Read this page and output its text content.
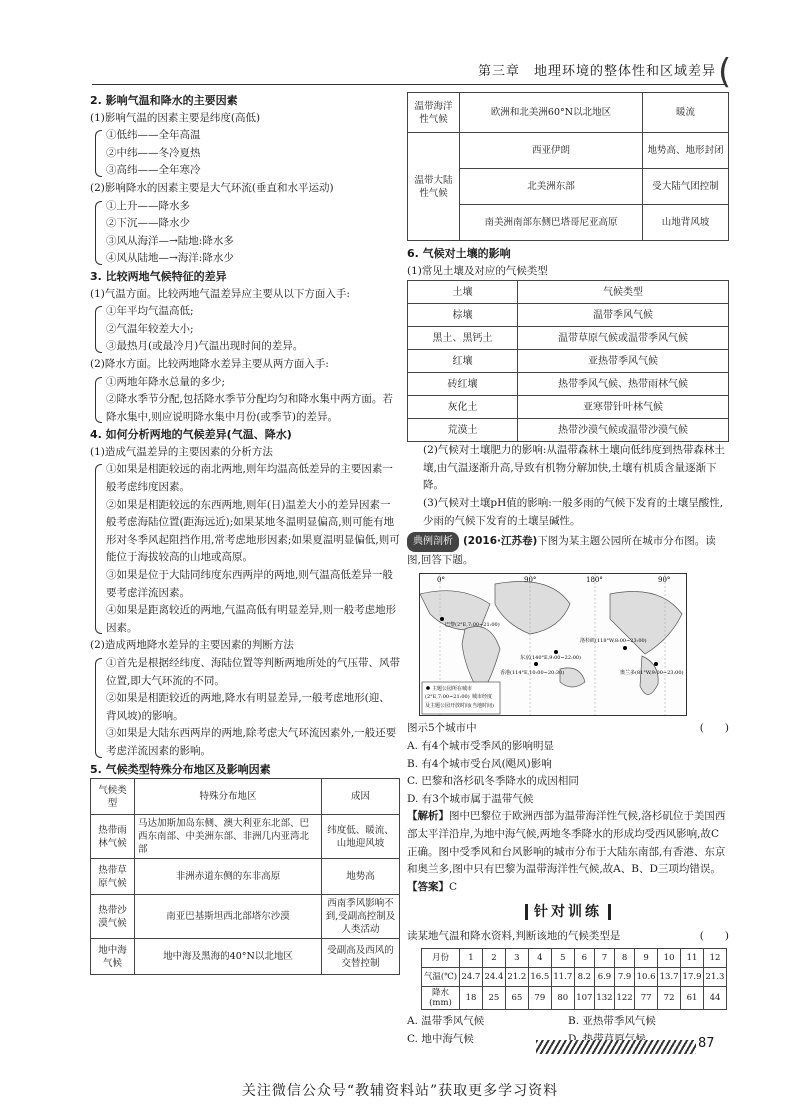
第三章　地理环境的整体性和区域差异 (
2. 影响气温和降水的主要因素
(1)影响气温的因素主要是纬度(高低)
①低纬——全年高温
②中纬——冬冷夏热
③高纬——全年寒冷
(2)影响降水的因素主要是大气环流(垂直和水平运动)
①上升——降水多
②下沉——降水少
③风从海洋—→陆地:降水多
④风从陆地—→海洋:降水少
3. 比较两地气候特征的差异
(1)气温方面。比较两地气温差异应主要从以下方面入手:
①年平均气温高低;
②气温年较差大小;
③最热月(或最冷月)气温出现时间的差异。
(2)降水方面。比较两地降水差异主要从两方面入手:
①两地年降水总量的多少;
②降水季节分配,包括降水季节分配均匀和降水集中两方面。若降水集中,则应说明降水集中月份(或季节)的差异。
4. 如何分析两地的气候差异(气温、降水)
(1)造成气温差异的主要因素的分析方法
①如果是相距较远的南北两地,则年均温高低差异的主要因素一般考虑纬度因素。
②如果是相距较远的东西两地,则年(日)温差大小的差异因素一般考虑海陆位置(距海远近);如果某地冬温明显偏高,则可能有地形对冬季风起阻挡作用,常考虑地形因素;如果夏温明显偏低,则可能位于海拔较高的山地或高原。
③如果是位于大陆同纬度东西两岸的两地,则气温高低差异一般要考虑洋流因素。
④如果是距离较近的两地,气温高低有明显差异,则一般考虑地形因素。
(2)造成两地降水差异的主要因素的判断方法
①首先是根据经纬度、海陆位置等判断两地所处的气压带、风带位置,即大气环流的不同。
②如果是相距较近的两地,降水有明显差异,一般考虑地形(迎、背风坡)的影响。
③如果是大陆东西两岸的两地,除考虑大气环流因素外,一般还要考虑洋流因素的影响。
5. 气候类型特殊分布地区及影响因素
气候类型	特殊分布地区	成因
热带雨林气候	马达加斯加岛东侧、澳大利亚东北部、巴西东南部、中美洲东部、非洲几内亚湾北部	纬度低、暖流、山地迎风坡
热带草原气候	非洲赤道东侧的东非高原	地势高
热带沙漠气候	南亚巴基斯坦西北部塔尔沙漠	西南季风影响不到,受副高控制及人类活动
地中海气候	地中海及黑海的40°N以北地区	受副高及西风的交替控制
温带海洋性气候	欧洲和北美洲60°N以北地区	暖流
温带大陆性气候	西亚伊朗	地势高、地形封闭
	北美洲东部	受大陆气团控制
	南美洲南部东侧巴塔哥尼亚高原	山地背风坡
6. 气候对土壤的影响
(1)常见土壤及对应的气候类型
土壤	气候类型
棕壤	温带季风气候
黑土、黑钙土	温带草原气候或温带季风气候
红壤	亚热带季风气候
砖红壤	热带季风气候、热带雨林气候
灰化土	亚寒带针叶林气候
荒漠土	热带沙漠气候或温带沙漠气候
(2)气候对土壤肥力的影响:从温带森林土壤向低纬度到热带森林土壤,由气温逐渐升高,导致有机物分解加快,土壤有机质含量逐渐下降。
(3)气候对土壤pH值的影响:一般多雨的气候下发育的土壤呈酸性,少雨的气候下发育的土壤呈碱性。
典例剖析 (2016·江苏卷)下图为某主题公园所在城市分布图。读图,回答下题。
0°	90°	180°	90°
巴黎(2°E,7:00~21:00)
东京(140°E,9:00~22:00)
洛杉矶(118°W,8:00~23:00)
香港(114°E,10:00~20:30)	奥兰多(81°W,9:00~23:00)
主题公园所在城市
(2°E,7:00~21:00) 城市经度
及主题公园开放时间(当地时间)
图示5个城市中	(　　)
A. 有4个城市受季风的影响明显
B. 有4个城市受台风(飓风)影响
C. 巴黎和洛杉矶冬季降水的成因相同
D. 有3个城市属于温带气候
【解析】图中巴黎位于欧洲西部为温带海洋性气候,洛杉矶位于美国西部太平洋沿岸,为地中海气候,两地冬季降水的形成均受西风影响,故C正确。图中受季风和台风影响的城市分布于大陆东南部,有香港、东京和奥兰多,图中只有巴黎为温带海洋性气候,故A、B、D三项均错误。
【答案】C
针对训练
读某地气温和降水资料,判断该地的气候类型是	(　　)
月份	1	2	3	4	5	6	7	8	9	10	11	12
气温(℃)	24.7	24.4	21.2	16.5	11.7	8.2	6.9	7.9	10.6	13.7	17.9	21.3
降水(mm)	18	25	65	79	80	107	132	122	77	72	61	44
A. 温带季风气候	B. 亚热带季风气候
C. 地中海气候	87
关注微信公众号“教辅资料站”获取更多学习资料
